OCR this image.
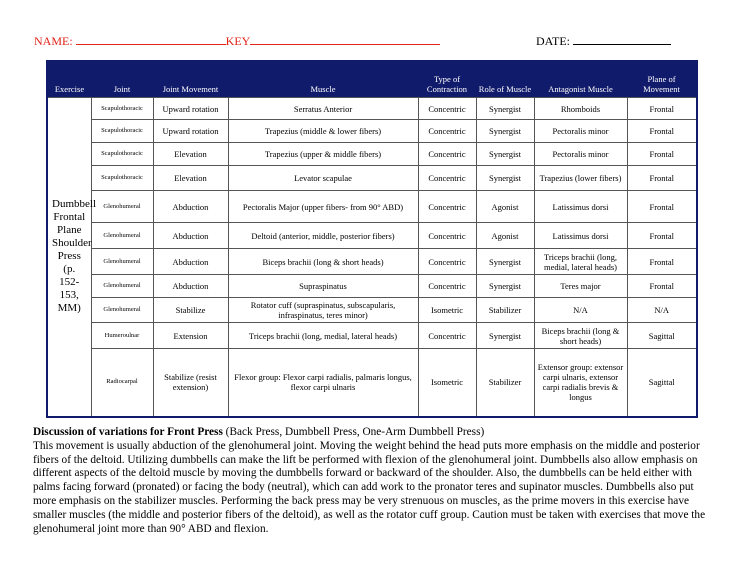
NAME:	KEY	DATE:
Exercise	Joint	Joint Movement	Muscle	Type of Contraction	Role of Muscle	Antagonist Muscle	Plane of Movement
Dumbbell Frontal Plane Shoulder Press (p. 152-153, MM)	Scapulothoracic	Upward rotation	Serratus Anterior	Concentric	Synergist	Rhomboids	Frontal
	Scapulothoracic	Upward rotation	Trapezius (middle & lower fibers)	Concentric	Synergist	Pectoralis minor	Frontal
	Scapulothoracic	Elevation	Trapezius (upper & middle fibers)	Concentric	Synergist	Pectoralis minor	Frontal
	Scapulothoracic	Elevation	Levator scapulae	Concentric	Synergist	Trapezius (lower fibers)	Frontal
	Glenohumeral	Abduction	Pectoralis Major (upper fibers- from 90° ABD)	Concentric	Agonist	Latissimus dorsi	Frontal
	Glenohumeral	Abduction	Deltoid (anterior, middle, posterior fibers)	Concentric	Agonist	Latissimus dorsi	Frontal
	Glenohumeral	Abduction	Biceps brachii (long & short heads)	Concentric	Synergist	Triceps brachii (long, medial, lateral heads)	Frontal
	Glenohumeral	Abduction	Supraspinatus	Concentric	Synergist	Teres major	Frontal
	Glenohumeral	Stabilize	Rotator cuff (supraspinatus, subscapularis, infraspinatus, teres minor)	Isometric	Stabilizer	N/A	N/A
	Humeroulnar	Extension	Triceps brachii (long, medial, lateral heads)	Concentric	Synergist	Biceps brachii (long & short heads)	Sagittal
	Radiocarpal	Stabilize (resist extension)	Flexor group: Flexor carpi radialis, palmaris longus, flexor carpi ulnaris	Isometric	Stabilizer	Extensor group: extensor carpi ulnaris, extensor carpi radialis brevis & longus	Sagittal
Discussion of variations for Front Press (Back Press, Dumbbell Press, One-Arm Dumbbell Press)
This movement is usually abduction of the glenohumeral joint. Moving the weight behind the head puts more emphasis on the middle and posterior fibers of the deltoid. Utilizing dumbbells can make the lift be performed with flexion of the glenohumeral joint. Dumbbells also allow emphasis on different aspects of the deltoid muscle by moving the dumbbells forward or backward of the shoulder. Also, the dumbbells can be held either with palms facing forward (pronated) or facing the body (neutral), which can add work to the pronator teres and supinator muscles. Dumbbells also put more emphasis on the stabilizer muscles. Performing the back press may be very strenuous on muscles, as the prime movers in this exercise have smaller muscles (the middle and posterior fibers of the deltoid), as well as the rotator cuff group. Caution must be taken with exercises that move the glenohumeral joint more than 90° ABD and flexion.
